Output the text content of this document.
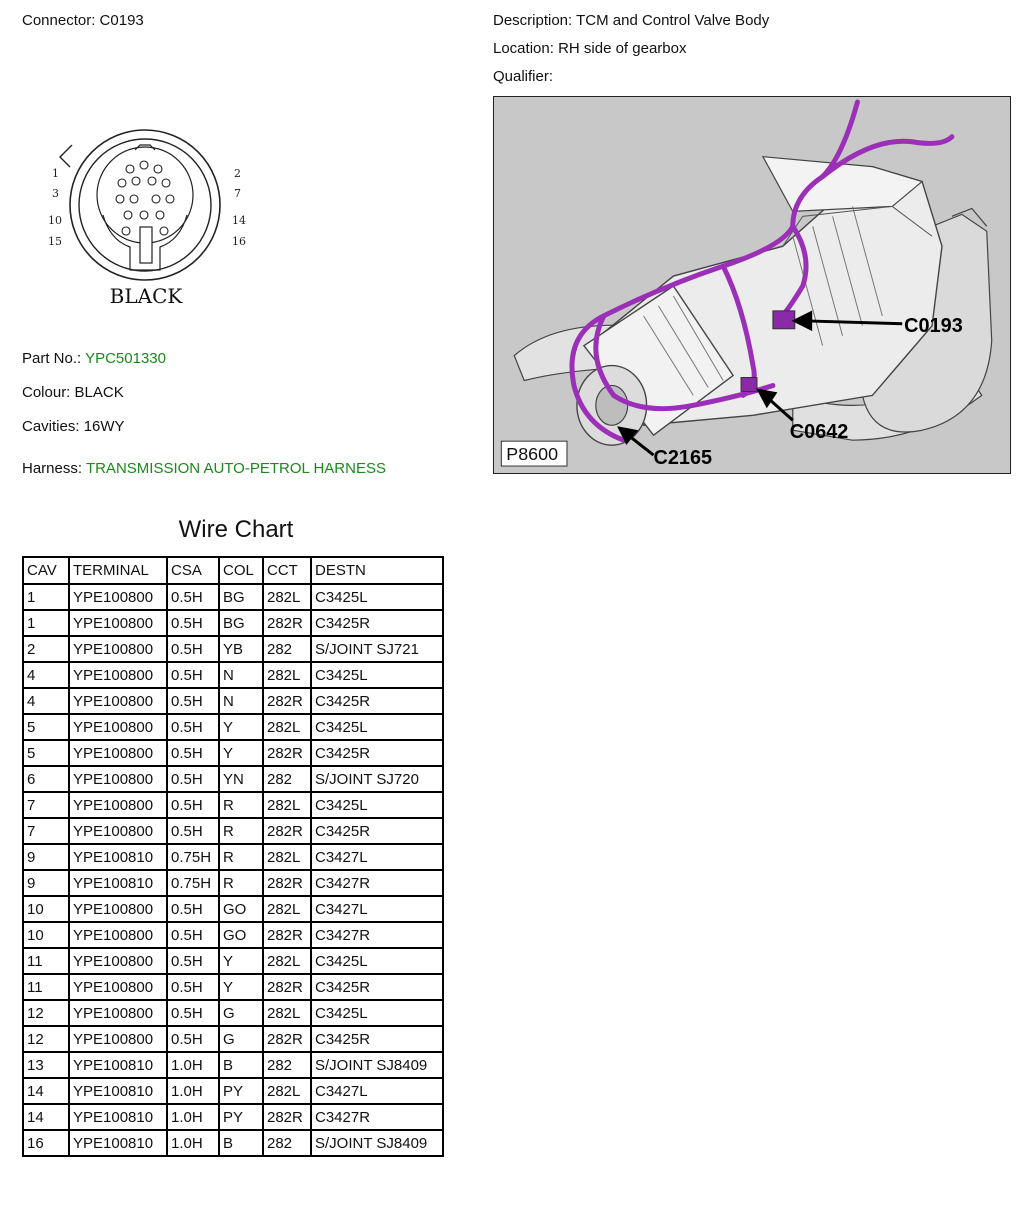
Connector: C0193	Description: TCM and Control Valve Body
Location: RH side of gearbox
Qualifier:
1
3
10
15
2
7
14
16
BLACK
Part No.: YPC501330
Colour: BLACK
Cavities: 16WY
Harness: TRANSMISSION AUTO-PETROL HARNESS
C0193
C0642
C2165
P8600
Wire Chart
CAV	TERMINAL	CSA	COL	CCT	DESTN
1	YPE100800	0.5H	BG	282L	C3425L
1	YPE100800	0.5H	BG	282R	C3425R
2	YPE100800	0.5H	YB	282	S/JOINT SJ721
4	YPE100800	0.5H	N	282L	C3425L
4	YPE100800	0.5H	N	282R	C3425R
5	YPE100800	0.5H	Y	282L	C3425L
5	YPE100800	0.5H	Y	282R	C3425R
6	YPE100800	0.5H	YN	282	S/JOINT SJ720
7	YPE100800	0.5H	R	282L	C3425L
7	YPE100800	0.5H	R	282R	C3425R
9	YPE100810	0.75H	R	282L	C3427L
9	YPE100810	0.75H	R	282R	C3427R
10	YPE100800	0.5H	GO	282L	C3427L
10	YPE100800	0.5H	GO	282R	C3427R
11	YPE100800	0.5H	Y	282L	C3425L
11	YPE100800	0.5H	Y	282R	C3425R
12	YPE100800	0.5H	G	282L	C3425L
12	YPE100800	0.5H	G	282R	C3425R
13	YPE100810	1.0H	B	282	S/JOINT SJ8409
14	YPE100810	1.0H	PY	282L	C3427L
14	YPE100810	1.0H	PY	282R	C3427R
16	YPE100810	1.0H	B	282	S/JOINT SJ8409
